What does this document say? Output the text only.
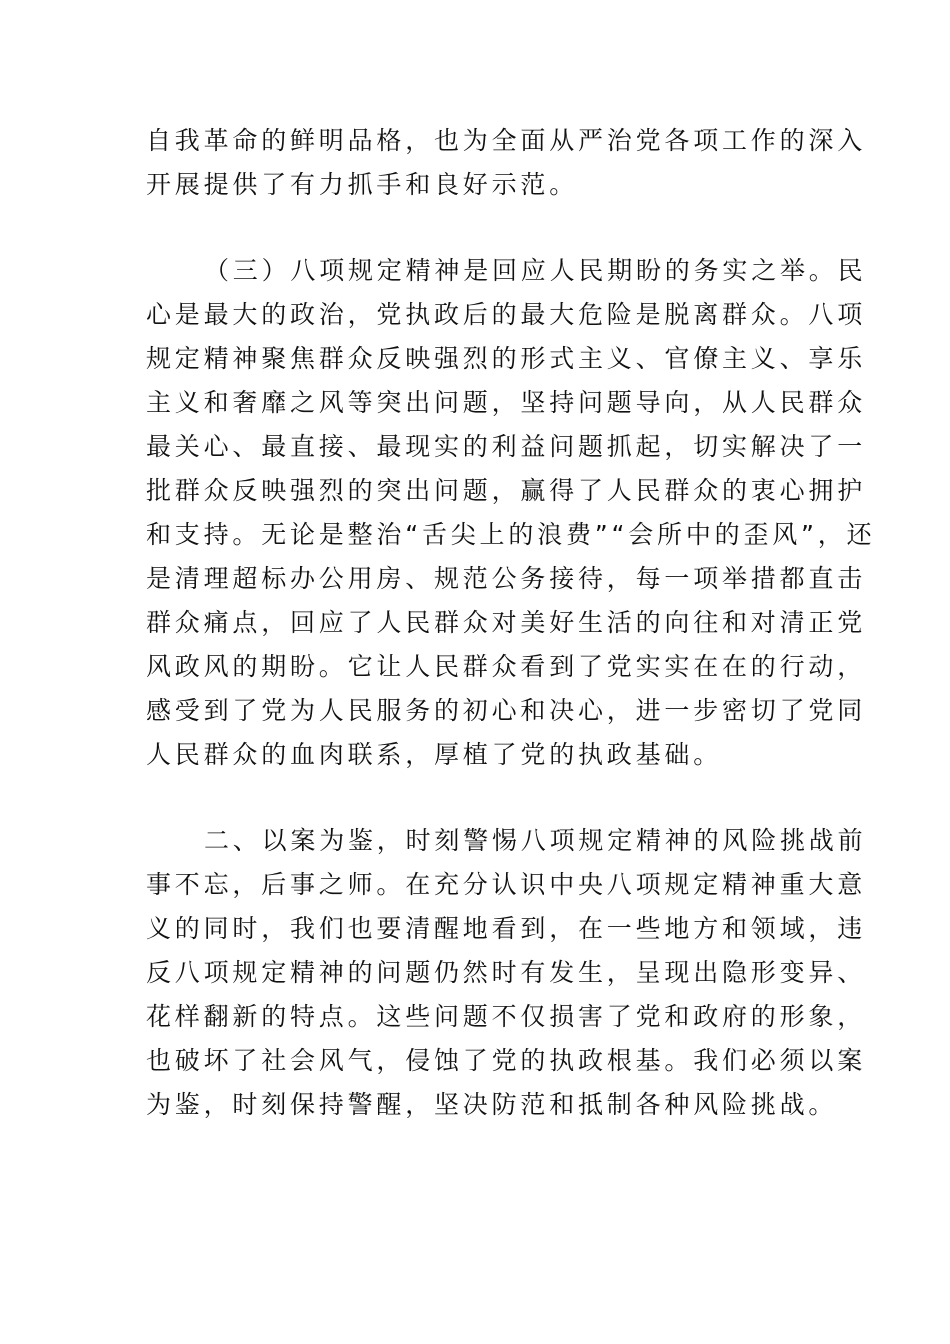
自我革命的鲜明品格，也为全面从严治党各项工作的深入
开展提供了有力抓手和良好示范。

（三）八项规定精神是回应人民期盼的务实之举。民
心是最大的政治，党执政后的最大危险是脱离群众。八项
规定精神聚焦群众反映强烈的形式主义、官僚主义、享乐
主义和奢靡之风等突出问题，坚持问题导向，从人民群众
最关心、最直接、最现实的利益问题抓起，切实解决了一
批群众反映强烈的突出问题，赢得了人民群众的衷心拥护
和支持。无论是整治“舌尖上的浪费”“会所中的歪风”，还
是清理超标办公用房、规范公务接待，每一项举措都直击
群众痛点，回应了人民群众对美好生活的向往和对清正党
风政风的期盼。它让人民群众看到了党实实在在的行动，
感受到了党为人民服务的初心和决心，进一步密切了党同
人民群众的血肉联系，厚植了党的执政基础。

二、以案为鉴，时刻警惕八项规定精神的风险挑战前
事不忘，后事之师。在充分认识中央八项规定精神重大意
义的同时，我们也要清醒地看到，在一些地方和领域，违
反八项规定精神的问题仍然时有发生，呈现出隐形变异、
花样翻新的特点。这些问题不仅损害了党和政府的形象，
也破坏了社会风气，侵蚀了党的执政根基。我们必须以案
为鉴，时刻保持警醒，坚决防范和抵制各种风险挑战。
